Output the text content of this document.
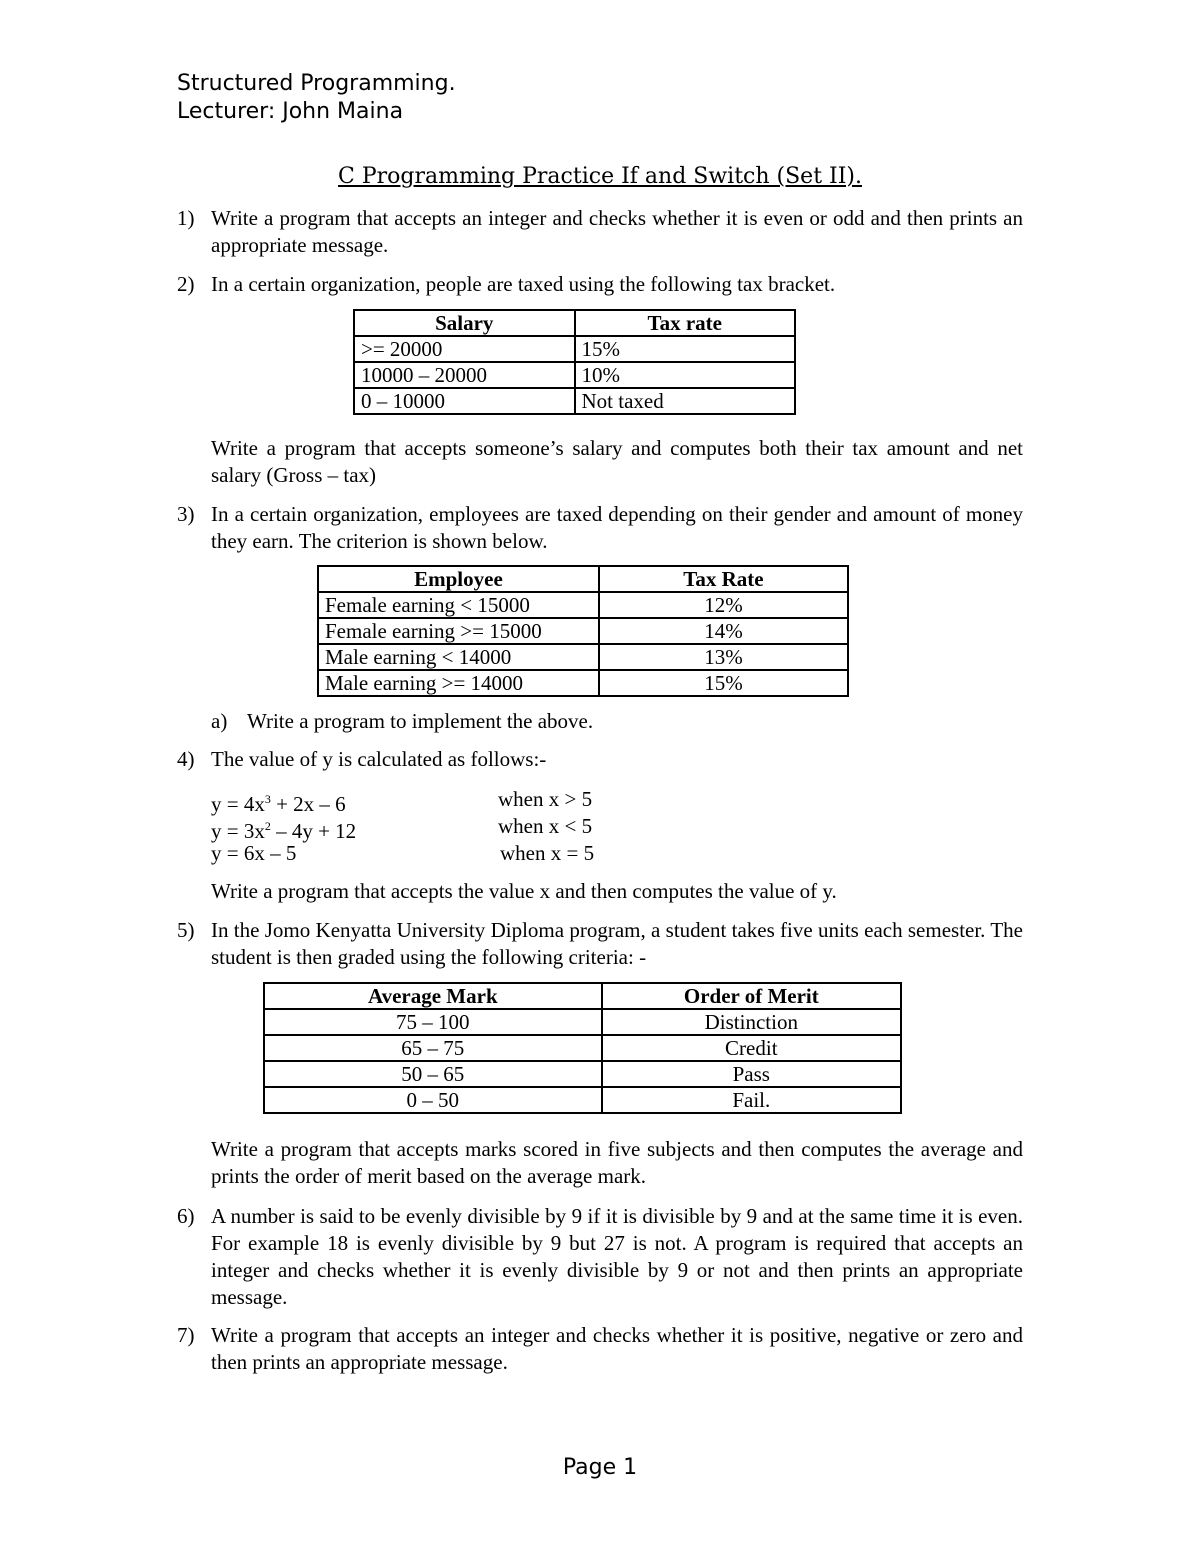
Structured Programming.
Lecturer: John Maina
C Programming Practice If and Switch (Set II).
1) Write a program that accepts an integer and checks whether it is even or odd and then prints an appropriate message.
2) In a certain organization, people are taxed using the following tax bracket.
Salary	Tax rate
>= 20000	15%
10000 – 20000	10%
0 – 10000	Not taxed
Write a program that accepts someone’s salary and computes both their tax amount and net salary (Gross – tax)
3) In a certain organization, employees are taxed depending on their gender and amount of money they earn. The criterion is shown below.
Employee	Tax Rate
Female earning < 15000	12%
Female earning >= 15000	14%
Male earning < 14000	13%
Male earning >= 14000	15%
a) Write a program to implement the above.
4) The value of y is calculated as follows:-
$y = 4x^3 + 2x - 6$	when x > 5
$y = 3x^2 - 4y + 12$	when x < 5
y = 6x – 5	when x = 5
Write a program that accepts the value x and then computes the value of y.
5) In the Jomo Kenyatta University Diploma program, a student takes five units each semester. The student is then graded using the following criteria: -
Average Mark	Order of Merit
75 – 100	Distinction
65 – 75	Credit
50 – 65	Pass
0 – 50	Fail.
Write a program that accepts marks scored in five subjects and then computes the average and prints the order of merit based on the average mark.
6) A number is said to be evenly divisible by 9 if it is divisible by 9 and at the same time it is even. For example 18 is evenly divisible by 9 but 27 is not. A program is required that accepts an integer and checks whether it is evenly divisible by 9 or not and then prints an appropriate message.
7) Write a program that accepts an integer and checks whether it is positive, negative or zero and then prints an appropriate message.
Page 1
